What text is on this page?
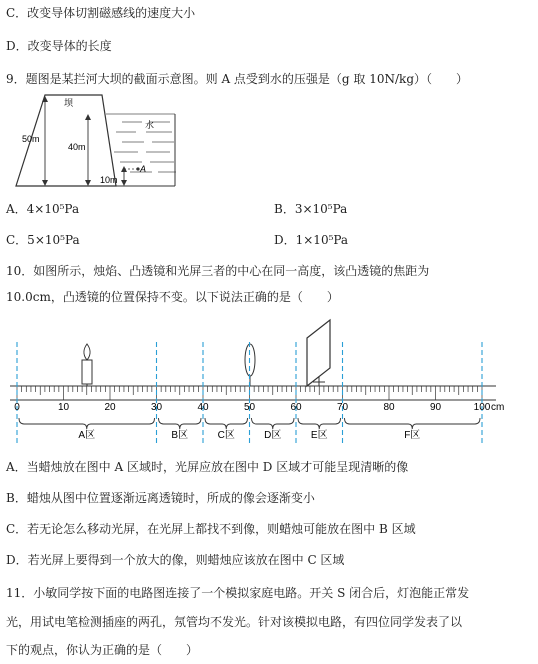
C．改变导体切割磁感线的速度大小
D．改变导体的长度
9．题图是某拦河大坝的截面示意图。则 A 点受到水的压强是（g 取 10N/kg）（　　）
坝
水
50m
40m
10m
A
A．4×10⁵Pa	B．3×10⁵Pa
C．5×10⁵Pa	D．1×10⁵Pa
10．如图所示，烛焰、凸透镜和光屏三者的中心在同一高度，该凸透镜的焦距为
10.0cm，凸透镜的位置保持不变。以下说法正确的是（　　）
0	10	20	30	40	50	60	70	80	90	100 cm
A区	B区	C区	D区	E区	F区
A．当蜡烛放在图中 A 区域时，光屏应放在图中 D 区域才可能呈现清晰的像
B．蜡烛从图中位置逐渐远离透镜时，所成的像会逐渐变小
C．若无论怎么移动光屏，在光屏上都找不到像，则蜡烛可能放在图中 B 区域
D．若光屏上要得到一个放大的像，则蜡烛应该放在图中 C 区域
11．小敏同学按下面的电路图连接了一个模拟家庭电路。开关 S 闭合后，灯泡能正常发
光，用试电笔检测插座的两孔，氖管均不发光。针对该模拟电路，有四位同学发表了以
下的观点，你认为正确的是（　　）
